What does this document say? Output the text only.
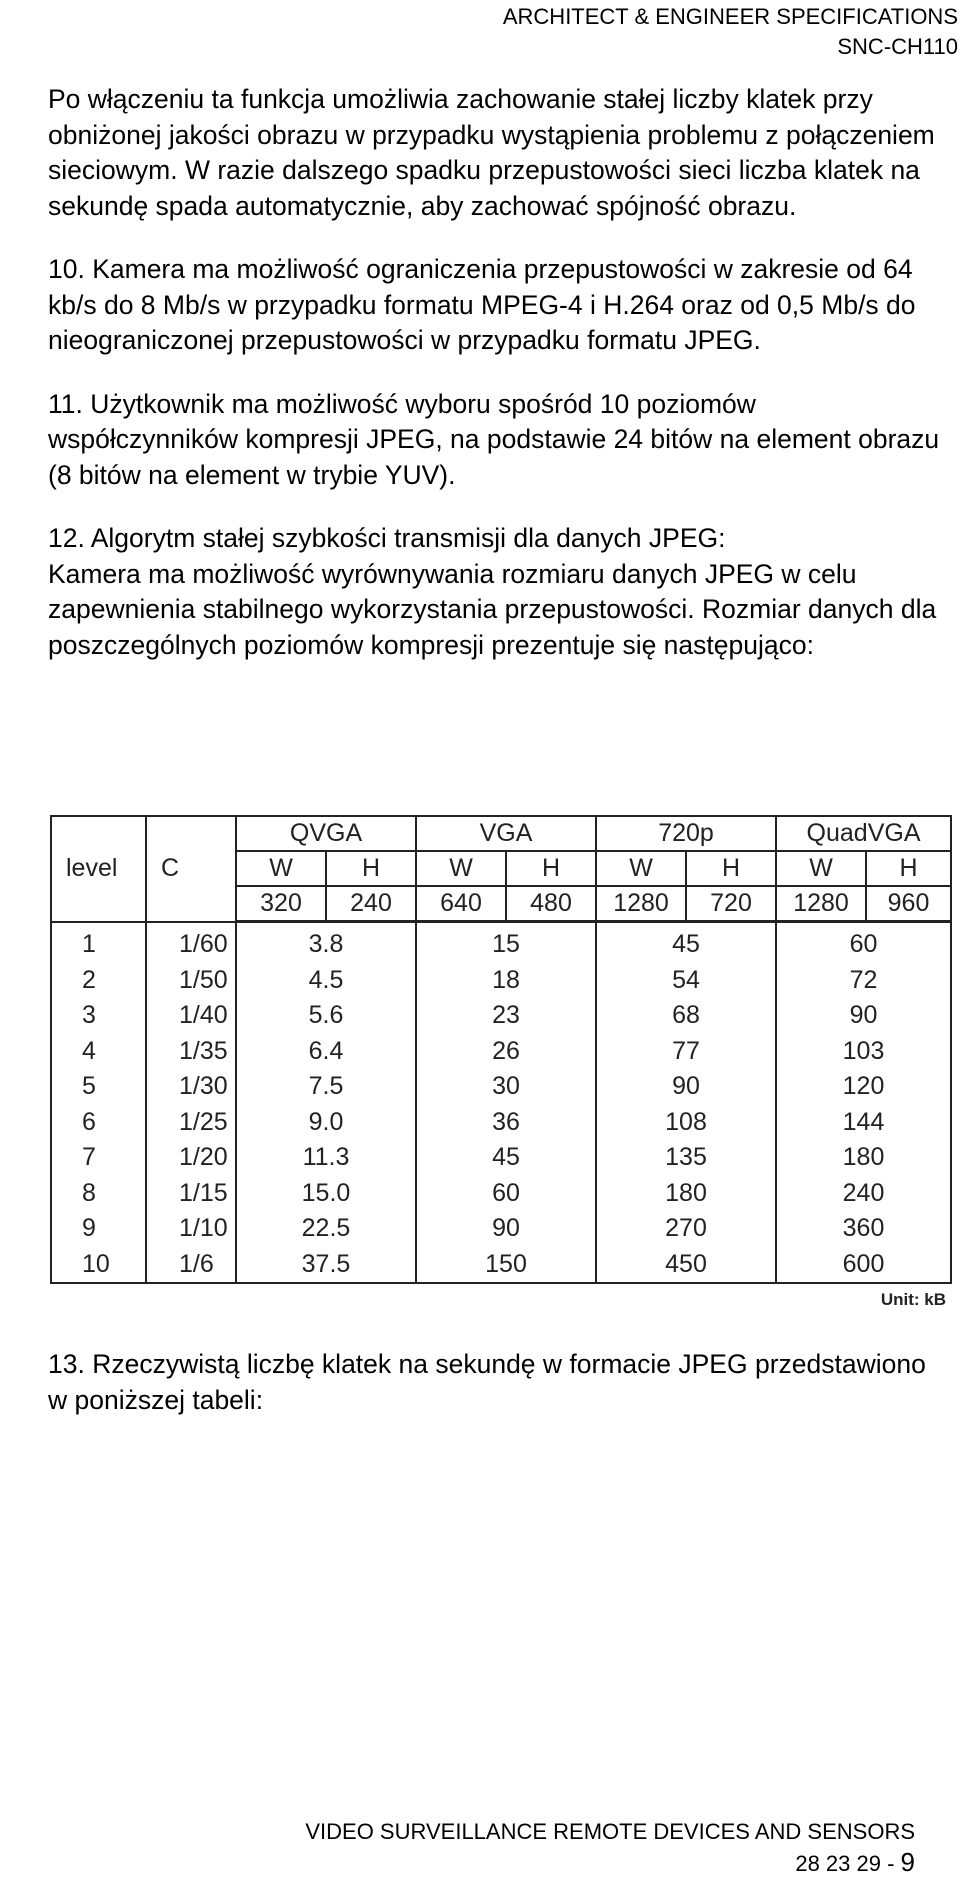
ARCHITECT & ENGINEER SPECIFICATIONS
SNC-CH110

Po włączeniu ta funkcja umożliwia zachowanie stałej liczby klatek przy obniżonej jakości obrazu w przypadku wystąpienia problemu z połączeniem sieciowym. W razie dalszego spadku przepustowości sieci liczba klatek na sekundę spada automatycznie, aby zachować spójność obrazu.

10. Kamera ma możliwość ograniczenia przepustowości w zakresie od 64 kb/s do 8 Mb/s w przypadku formatu MPEG-4 i H.264 oraz od 0,5 Mb/s do nieograniczonej przepustowości w przypadku formatu JPEG.

11. Użytkownik ma możliwość wyboru spośród 10 poziomów współczynników kompresji JPEG, na podstawie 24 bitów na element obrazu (8 bitów na element w trybie YUV).

12. Algorytm stałej szybkości transmisji dla danych JPEG:
Kamera ma możliwość wyrównywania rozmiaru danych JPEG w celu zapewnienia stabilnego wykorzystania przepustowości. Rozmiar danych dla poszczególnych poziomów kompresji prezentuje się następująco:

level	C	QVGA		VGA		720p		QuadVGA	
		W	H	W	H	W	H	W	H
		320	240	640	480	1280	720	1280	960
1	1/60	3.8		15		45		60	
2	1/50	4.5		18		54		72	
3	1/40	5.6		23		68		90	
4	1/35	6.4		26		77		103	
5	1/30	7.5		30		90		120	
6	1/25	9.0		36		108		144	
7	1/20	11.3		45		135		180	
8	1/15	15.0		60		180		240	
9	1/10	22.5		90		270		360	
10	1/6	37.5		150		450		600	
Unit: kB
13. Rzeczywistą liczbę klatek na sekundę w formacie JPEG przedstawiono w poniższej tabeli:
VIDEO SURVEILLANCE REMOTE DEVICES AND SENSORS
28 23 29 - 9
